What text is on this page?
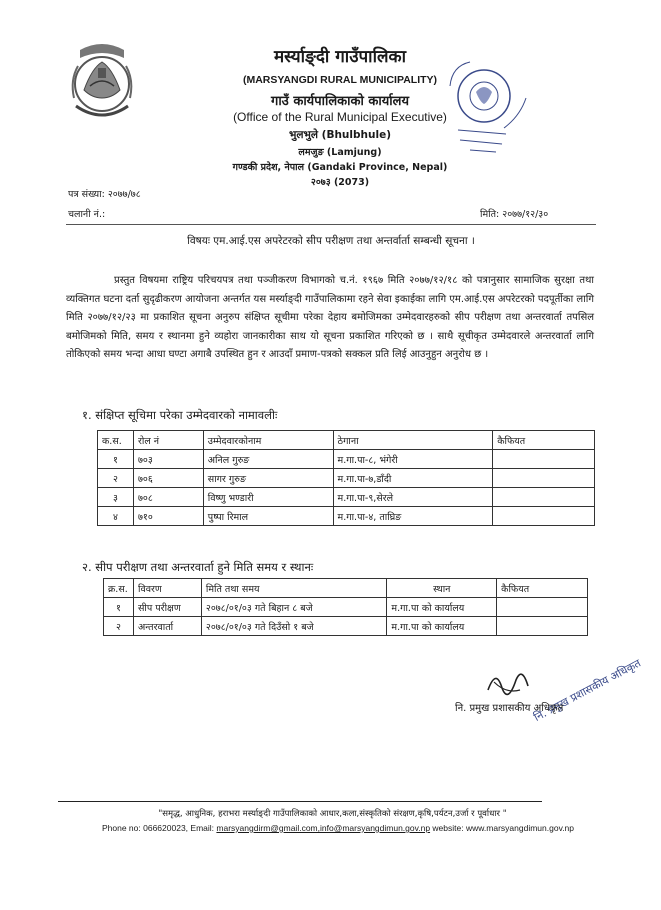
मर्स्याङ्दी गाउँपालिका
(MARSYANGDI RURAL MUNICIPALITY)
गाउँ कार्यपालिकाको कार्यालय
(Office of the Rural Municipal Executive)
भुलभुले (Bhulbhule)
लमजुङ (Lamjung)
गण्डकी प्रदेश, नेपाल (Gandaki Province, Nepal)
२०७३ (2073)
पत्र संख्या: २०७७/७८
चलानी नं.:	मिति: २०७७/१२/३०
विषयः एम.आई.एस अपरेटरको सीप परीक्षण तथा अन्तर्वार्ता सम्बन्धी सूचना ।
प्रस्तुत विषयमा राष्ट्रिय परिचयपत्र तथा पञ्जीकरण विभागको च.नं. १९६७ मिति २०७७/१२/१८ को पत्रानुसार सामाजिक सुरक्षा तथा व्यक्तिगत घटना दर्ता सुदृढीकरण आयोजना अन्तर्गत यस मर्स्याङ्दी गाउँपालिकामा रहने सेवा इकाईका लागि एम.आई.एस अपरेटरको पदपूर्तीका लागि मिति २०७७/१२/२३ मा प्रकाशित सूचना अनुरुप संक्षिप्त सूचीमा परेका देहाय बमोजिमका उम्मेदवारहरुको सीप परीक्षण तथा अन्तरवार्ता तपसिल बमोजिमको मिति, समय र स्थानमा हुने व्यहोरा जानकारीका साथ यो सूचना प्रकाशित गरिएको छ । साथै सूचीकृत उम्मेदवारले अन्तरवार्ता लागि तोकिएको समय भन्दा आधा घण्टा अगाबै उपस्थित हुन र आउदाँ प्रमाण-पत्रको सक्कल प्रति लिई आउनुहुन अनुरोध छ ।
१. संक्षिप्त सूचिमा परेका उम्मेदवारको नामावलीः
क.स.	रोल नं	उम्मेदवारकोनाम	ठेगाना	कैफियत
१	७०३	अनिल गुरुङ	म.गा.पा-८, भंगेरी	
२	७०६	सागर गुरुङ	म.गा.पा-७,डाँदी	
३	७०८	विष्णु भण्डारी	म.गा.पा-९,सेरले	
४	७१०	पुष्पा रिमाल	म.गा.पा-४, ताघ्रिङ	
२. सीप परीक्षण तथा अन्तरवार्ता हुने मिति समय र स्थानः
क्र.स.	विवरण	मिति तथा समय	स्थान	कैफियत
१	सीप परीक्षण	२०७८/०१/०३ गते बिहान ८ बजे	म.गा.पा को कार्यालय	
२	अन्तरवार्ता	२०७८/०१/०३ गते दिउँसो १ बजे	म.गा.पा को कार्यालय	
नि. प्रमुख प्रशासकीय अधिकृत
नि. प्रमुख प्रशासकीय अधिकृत
"समृद्ध, आधुनिक, हराभरा मर्स्याङ्दी गाउँपालिकाको आधार,कला,संस्कृतिको संरक्षण,कृषि,पर्यटन,उर्जा र पूर्वाधार "
Phone no: 066620023, Email: marsyangdirm@gmail.com,info@marsyangdimun.gov.np website: www.marsyangdimun.gov.np
